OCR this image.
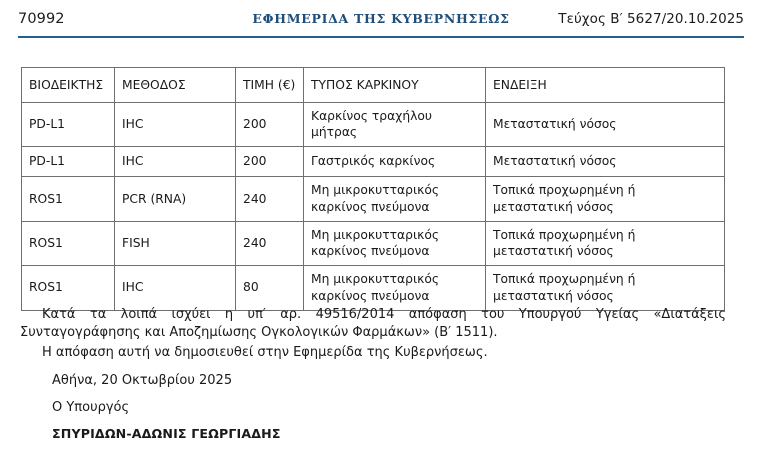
70992	ΕΦΗΜΕΡΙΔΑ ΤΗΣ ΚΥΒΕΡΝΗΣΕΩΣ	Τεύχος Β′ 5627/20.10.2025
ΒΙΟΔΕΙΚΤΗΣ	ΜΕΘΟΔΟΣ	ΤΙΜΗ (€)	ΤΥΠΟΣ ΚΑΡΚΙΝΟΥ	ΕΝΔΕΙΞΗ
PD-L1	IHC	200	Καρκίνος τραχήλου μήτρας	Μεταστατική νόσος
PD-L1	IHC	200	Γαστρικός καρκίνος	Μεταστατική νόσος
ROS1	PCR (RNA)	240	Μη μικροκυτταρικός καρκίνος πνεύμονα	Τοπικά προχωρημένη ή μεταστατική νόσος
ROS1	FISH	240	Μη μικροκυτταρικός καρκίνος πνεύμονα	Τοπικά προχωρημένη ή μεταστατική νόσος
ROS1	IHC	80	Μη μικροκυτταρικός καρκίνος πνεύμονα	Τοπικά προχωρημένη ή μεταστατική νόσος
Κατά τα λοιπά ισχύει η υπ′ αρ. 49516/2014 απόφαση του Υπουργού Υγείας «Διατάξεις Συνταγογράφησης και Αποζημίωσης Ογκολογικών Φαρμάκων» (Β′ 1511).
Η απόφαση αυτή να δημοσιευθεί στην Εφημερίδα της Κυβερνήσεως.
Αθήνα, 20 Οκτωβρίου 2025
Ο Υπουργός
ΣΠΥΡΙΔΩΝ-ΑΔΩΝΙΣ ΓΕΩΡΓΙΑΔΗΣ
